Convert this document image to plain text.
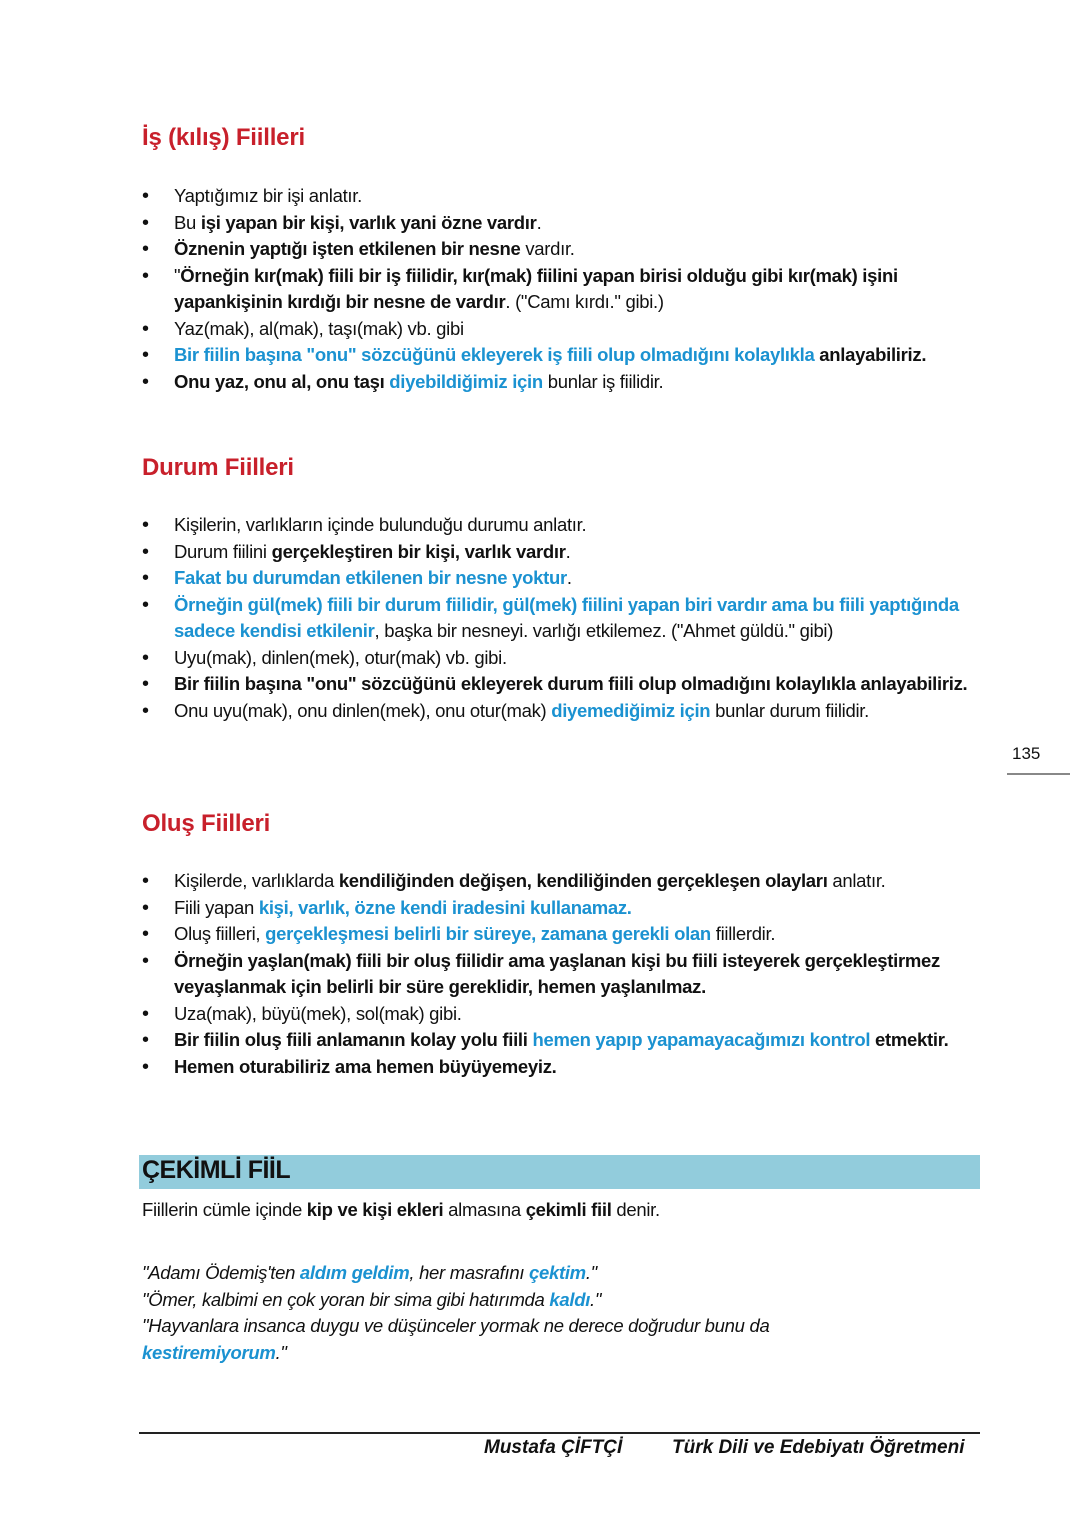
İş (kılış) Fiilleri
• Yaptığımız bir işi anlatır.
• Bu işi yapan bir kişi, varlık yani özne vardır.
• Öznenin yaptığı işten etkilenen bir nesne vardır.
• "Örneğin kır(mak) fiili bir iş fiilidir, kır(mak) fiilini yapan birisi olduğu gibi kır(mak) işini yapankişinin kırdığı bir nesne de vardır. ("Camı kırdı." gibi.)
• Yaz(mak), al(mak), taşı(mak) vb. gibi
• Bir fiilin başına "onu" sözcüğünü ekleyerek iş fiili olup olmadığını kolaylıkla anlayabiliriz.
• Onu yaz, onu al, onu taşı diyebildiğimiz için bunlar iş fiilidir.
Durum Fiilleri
• Kişilerin, varlıkların içinde bulunduğu durumu anlatır.
• Durum fiilini gerçekleştiren bir kişi, varlık vardır.
• Fakat bu durumdan etkilenen bir nesne yoktur.
• Örneğin gül(mek) fiili bir durum fiilidir, gül(mek) fiilini yapan biri vardır ama bu fiili yaptığında sadece kendisi etkilenir, başka bir nesneyi. varlığı etkilemez. ("Ahmet güldü." gibi)
• Uyu(mak), dinlen(mek), otur(mak) vb. gibi.
• Bir fiilin başına "onu" sözcüğünü ekleyerek durum fiili olup olmadığını kolaylıkla anlayabiliriz.
• Onu uyu(mak), onu dinlen(mek), onu otur(mak) diyemediğimiz için bunlar durum fiilidir.
Oluş Fiilleri
• Kişilerde, varlıklarda kendiliğinden değişen, kendiliğinden gerçekleşen olayları anlatır.
• Fiili yapan kişi, varlık, özne kendi iradesini kullanamaz.
• Oluş fiilleri, gerçekleşmesi belirli bir süreye, zamana gerekli olan fiillerdir.
• Örneğin yaşlan(mak) fiili bir oluş fiilidir ama yaşlanan kişi bu fiili isteyerek gerçekleştirmez veyaşlanmak için belirli bir süre gereklidir, hemen yaşlanılmaz.
• Uza(mak), büyü(mek), sol(mak) gibi.
• Bir fiilin oluş fiili anlamanın kolay yolu fiili hemen yapıp yapamayacağımızı kontrol etmektir.
• Hemen oturabiliriz ama hemen büyüyemeyiz.
ÇEKİMLİ FİİL
Fiillerin cümle içinde kip ve kişi ekleri almasına çekimli fiil denir.
"Adamı Ödemiş'ten aldım geldim, her masrafını çektim."
"Ömer, kalbimi en çok yoran bir sima gibi hatırımda kaldı."
"Hayvanlara insanca duygu ve düşünceler yormak ne derece doğrudur bunu da kestiremiyorum."
135
Mustafa ÇİFTÇİ	Türk Dili ve Edebiyatı Öğretmeni
